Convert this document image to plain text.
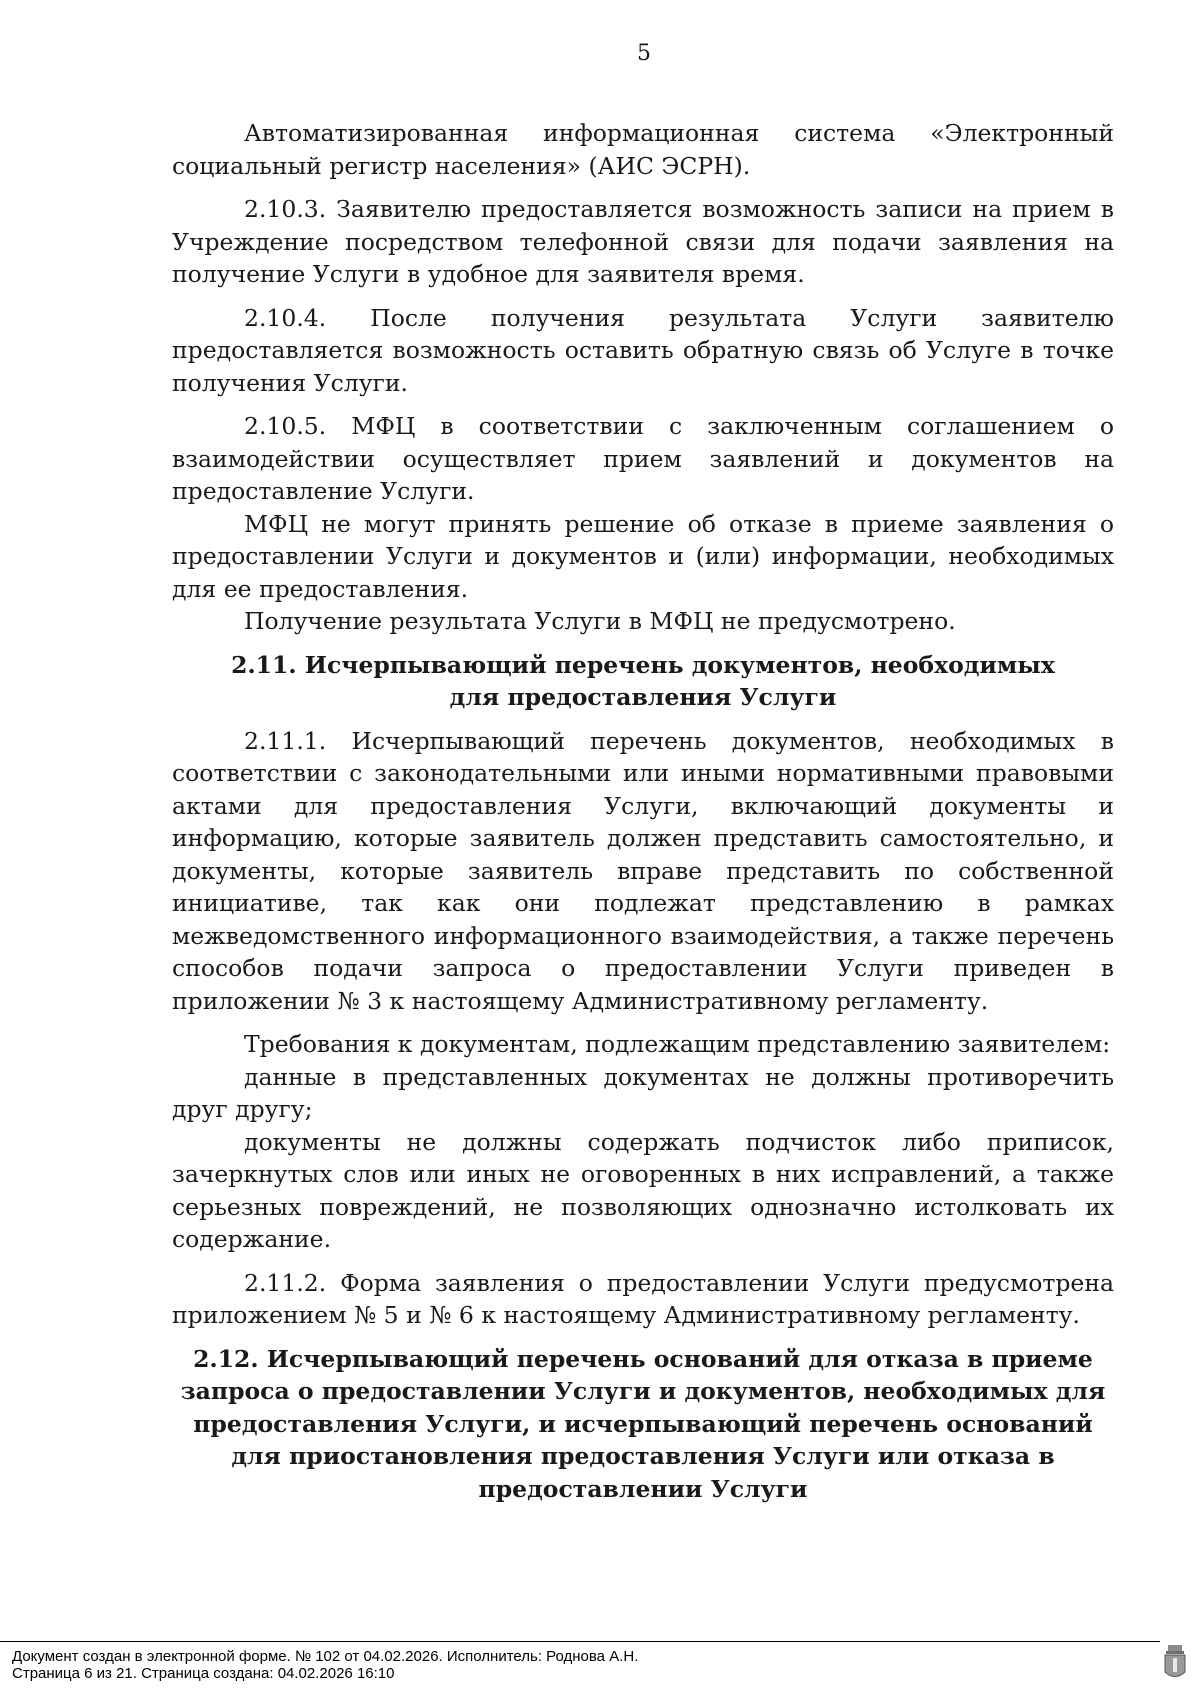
5

Автоматизированная информационная система «Электронный социальный регистр населения» (АИС ЭСРН).

2.10.3. Заявителю предоставляется возможность записи на прием в Учреждение посредством телефонной связи для подачи заявления на получение Услуги в удобное для заявителя время.

2.10.4. После получения результата Услуги заявителю предоставляется возможность оставить обратную связь об Услуге в точке получения Услуги.

2.10.5. МФЦ в соответствии с заключенным соглашением о взаимодействии осуществляет прием заявлений и документов на предоставление Услуги.

МФЦ не могут принять решение об отказе в приеме заявления о предоставлении Услуги и документов и (или) информации, необходимых для ее предоставления.

Получение результата Услуги в МФЦ не предусмотрено.

2.11. Исчерпывающий перечень документов, необходимых для предоставления Услуги

2.11.1. Исчерпывающий перечень документов, необходимых в соответствии с законодательными или иными нормативными правовыми актами для предоставления Услуги, включающий документы и информацию, которые заявитель должен представить самостоятельно, и документы, которые заявитель вправе представить по собственной инициативе, так как они подлежат представлению в рамках межведомственного информационного взаимодействия, а также перечень способов подачи запроса о предоставлении Услуги приведен в приложении № 3 к настоящему Административному регламенту.

Требования к документам, подлежащим представлению заявителем:

данные в представленных документах не должны противоречить друг другу;

документы не должны содержать подчисток либо приписок, зачеркнутых слов или иных не оговоренных в них исправлений, а также серьезных повреждений, не позволяющих однозначно истолковать их содержание.

2.11.2. Форма заявления о предоставлении Услуги предусмотрена приложением № 5 и № 6 к настоящему Административному регламенту.

2.12. Исчерпывающий перечень оснований для отказа в приеме запроса о предоставлении Услуги и документов, необходимых для предоставления Услуги, и исчерпывающий перечень оснований для приостановления предоставления Услуги или отказа в предоставлении Услуги

Документ создан в электронной форме. № 102 от 04.02.2026. Исполнитель: Роднова А.Н.
Страница 6 из 21. Страница создана: 04.02.2026 16:10
